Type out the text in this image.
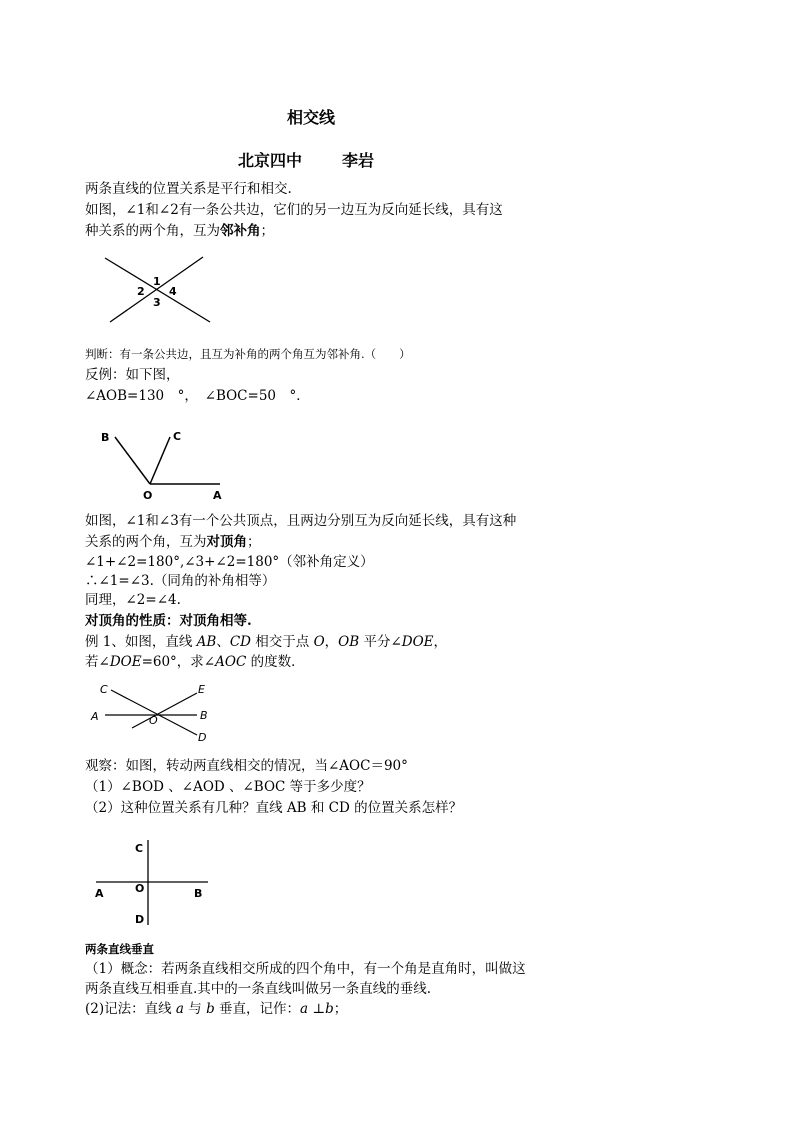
相交线
北京四中 李岩
两条直线的位置关系是平行和相交.
如图，∠1和∠2有一条公共边，它们的另一边互为反向延长线，具有这
种关系的两个角，互为邻补角；
1
2 4
3
判断：有一条公共边，且互为补角的两个角互为邻补角.（　　）
反例：如下图，
∠AOB=130　°，　∠BOC=50　°．
B	C
O	A
如图，∠1和∠3有一个公共顶点，且两边分别互为反向延长线，具有这种
关系的两个角，互为对顶角；
∠1+∠2=180°,∠3+∠2=180°（邻补角定义）
∴∠1=∠3.（同角的补角相等）
同理，∠2=∠4.
对顶角的性质：对顶角相等.
例 1、如图，直线 AB、CD 相交于点 O，OB 平分∠DOE，
若∠DOE=60°，求∠AOC 的度数．
C	E
A	O	B
D
观察：如图，转动两直线相交的情况，当∠AOC＝90°
（1）∠BOD 、∠AOD 、∠BOC 等于多少度？
（2）这种位置关系有几种？直线 AB 和 CD 的位置关系怎样？
C
A	O	B
D
两条直线垂直
（1）概念：若两条直线相交所成的四个角中，有一个角是直角时，叫做这
两条直线互相垂直.其中的一条直线叫做另一条直线的垂线.
(2)记法：直线 a 与 b 垂直，记作：a ⊥b；
